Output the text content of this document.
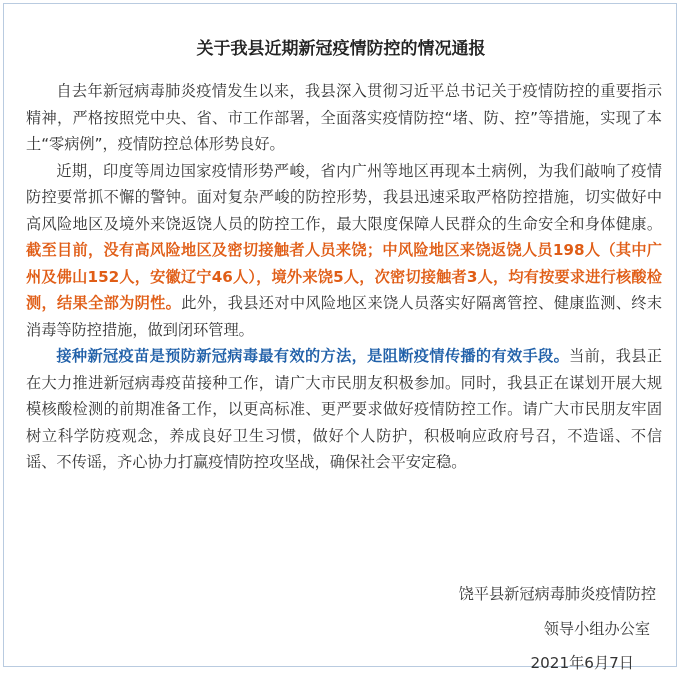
关于我县近期新冠疫情防控的情况通报

自去年新冠病毒肺炎疫情发生以来，我县深入贯彻习近平总书记关于疫情防控的重要指示精神，严格按照党中央、省、市工作部署，全面落实疫情防控“堵、防、控”等措施，实现了本土“零病例”，疫情防控总体形势良好。

近期，印度等周边国家疫情形势严峻，省内广州等地区再现本土病例，为我们敲响了疫情防控要常抓不懈的警钟。面对复杂严峻的防控形势，我县迅速采取严格防控措施，切实做好中高风险地区及境外来饶返饶人员的防控工作，最大限度保障人民群众的生命安全和身体健康。截至目前，没有高风险地区及密切接触者人员来饶；中风险地区来饶返饶人员198人（其中广州及佛山152人，安徽辽宁46人），境外来饶5人，次密切接触者3人，均有按要求进行核酸检测，结果全部为阴性。此外，我县还对中风险地区来饶人员落实好隔离管控、健康监测、终末消毒等防控措施，做到闭环管理。

接种新冠疫苗是预防新冠病毒最有效的方法，是阻断疫情传播的有效手段。当前，我县正在大力推进新冠病毒疫苗接种工作，请广大市民朋友积极参加。同时，我县正在谋划开展大规模核酸检测的前期准备工作，以更高标准、更严要求做好疫情防控工作。请广大市民朋友牢固树立科学防疫观念，养成良好卫生习惯，做好个人防护，积极响应政府号召，不造谣、不信谣、不传谣，齐心协力打赢疫情防控攻坚战，确保社会平安定稳。

饶平县新冠病毒肺炎疫情防控
领导小组办公室
2021年6月7日
